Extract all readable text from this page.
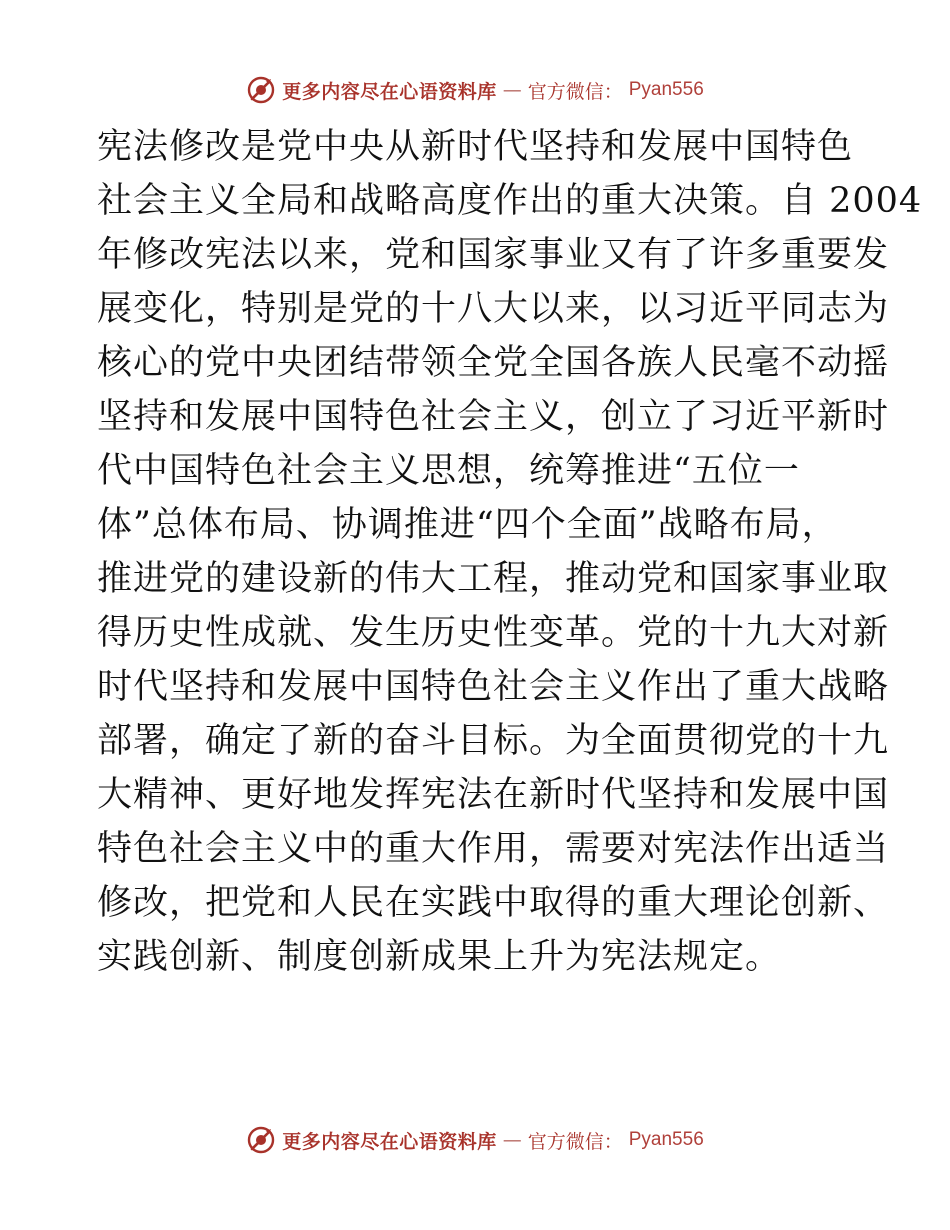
更多内容尽在心语资料库 — 官方微信： Pyan556
宪法修改是党中央从新时代坚持和发展中国特色
社会主义全局和战略高度作出的重大决策。自 2004
年修改宪法以来，党和国家事业又有了许多重要发
展变化，特别是党的十八大以来，以习近平同志为
核心的党中央团结带领全党全国各族人民毫不动摇
坚持和发展中国特色社会主义，创立了习近平新时
代中国特色社会主义思想，统筹推进“五位一
体”总体布局、协调推进“四个全面”战略布局，
推进党的建设新的伟大工程，推动党和国家事业取
得历史性成就、发生历史性变革。党的十九大对新
时代坚持和发展中国特色社会主义作出了重大战略
部署，确定了新的奋斗目标。为全面贯彻党的十九
大精神、更好地发挥宪法在新时代坚持和发展中国
特色社会主义中的重大作用，需要对宪法作出适当
修改，把党和人民在实践中取得的重大理论创新、
实践创新、制度创新成果上升为宪法规定。
更多内容尽在心语资料库 — 官方微信： Pyan556
